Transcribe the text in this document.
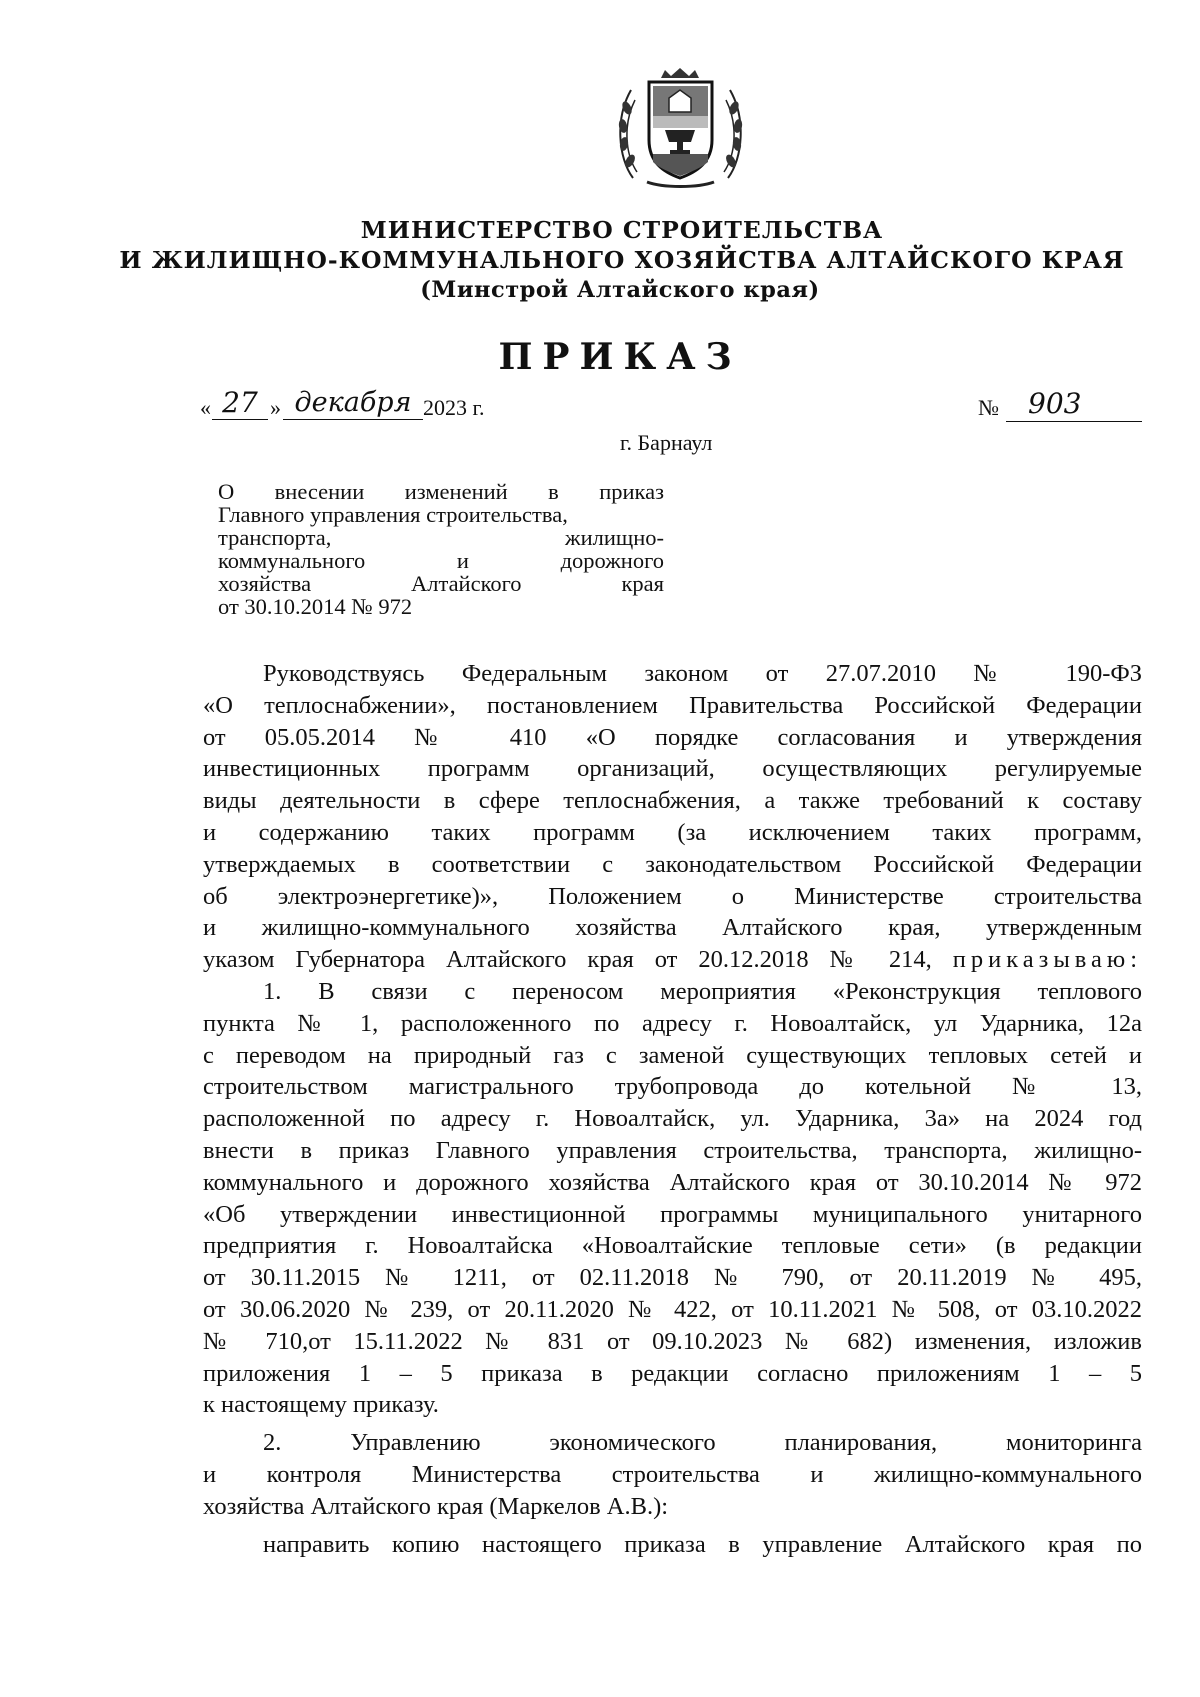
МИНИСТЕРСТВО СТРОИТЕЛЬСТВА
И ЖИЛИЩНО-КОММУНАЛЬНОГО ХОЗЯЙСТВА АЛТАЙСКОГО КРАЯ
(Минстрой Алтайского края)
ПРИКАЗ
« 27 » декабря 2023 г.	№	903
г. Барнаул
О внесении изменений в приказ
Главного управления строительства,
транспорта, жилищно-
коммунального и дорожного
хозяйства Алтайского края
от 30.10.2014 № 972

Руководствуясь Федеральным законом от 27.07.2010 № 190-ФЗ
«О теплоснабжении», постановлением Правительства Российской Федерации
от 05.05.2014 № 410 «О порядке согласования и утверждения
инвестиционных программ организаций, осуществляющих регулируемые
виды деятельности в сфере теплоснабжения, а также требований к составу
и содержанию таких программ (за исключением таких программ,
утверждаемых в соответствии с законодательством Российской Федерации
об электроэнергетике)», Положением о Министерстве строительства
и жилищно-коммунального хозяйства Алтайского края, утвержденным
указом Губернатора Алтайского края от 20.12.2018 № 214, приказываю:

1. В связи с переносом мероприятия «Реконструкция теплового
пункта № 1, расположенного по адресу г. Новоалтайск, ул Ударника, 12а
с переводом на природный газ с заменой существующих тепловых сетей и
строительством магистрального трубопровода до котельной № 13,
расположенной по адресу г. Новоалтайск, ул. Ударника, 3а» на 2024 год
внести в приказ Главного управления строительства, транспорта, жилищно-
коммунального и дорожного хозяйства Алтайского края от 30.10.2014 № 972
«Об утверждении инвестиционной программы муниципального унитарного
предприятия г. Новоалтайска «Новоалтайские тепловые сети» (в редакции
от 30.11.2015 № 1211, от 02.11.2018 № 790, от 20.11.2019 № 495,
от 30.06.2020 № 239, от 20.11.2020 № 422, от 10.11.2021 № 508, от 03.10.2022
№ 710,от 15.11.2022 № 831 от 09.10.2023 № 682) изменения, изложив
приложения 1 – 5 приказа в редакции согласно приложениям 1 – 5
к настоящему приказу.

2. Управлению экономического планирования, мониторинга
и контроля Министерства строительства и жилищно-коммунального
хозяйства Алтайского края (Маркелов А.В.):

направить копию настоящего приказа в управление Алтайского края по
